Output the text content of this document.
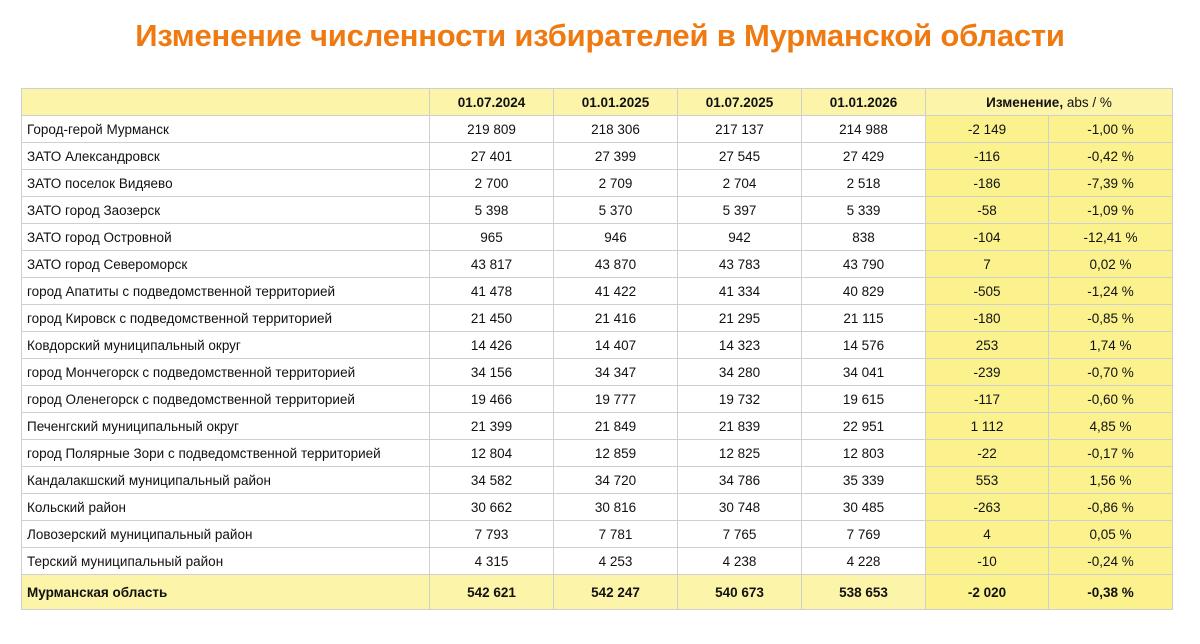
Изменение численности избирателей в Мурманской области
	01.07.2024	01.01.2025	01.07.2025	01.01.2026	Изменение, abs / %	
Город-герой Мурманск	219 809	218 306	217 137	214 988	-2 149	-1,00 %
ЗАТО Александровск	27 401	27 399	27 545	27 429	-116	-0,42 %
ЗАТО поселок Видяево	2 700	2 709	2 704	2 518	-186	-7,39 %
ЗАТО город Заозерск	5 398	5 370	5 397	5 339	-58	-1,09 %
ЗАТО город Островной	965	946	942	838	-104	-12,41 %
ЗАТО город Североморск	43 817	43 870	43 783	43 790	7	0,02 %
город Апатиты с подведомственной территорией	41 478	41 422	41 334	40 829	-505	-1,24 %
город Кировск с подведомственной территорией	21 450	21 416	21 295	21 115	-180	-0,85 %
Ковдорский муниципальный округ	14 426	14 407	14 323	14 576	253	1,74 %
город Мончегорск с подведомственной территорией	34 156	34 347	34 280	34 041	-239	-0,70 %
город Оленегорск с подведомственной территорией	19 466	19 777	19 732	19 615	-117	-0,60 %
Печенгский муниципальный округ	21 399	21 849	21 839	22 951	1 112	4,85 %
город Полярные Зори с подведомственной территорией	12 804	12 859	12 825	12 803	-22	-0,17 %
Кандалакшский муниципальный район	34 582	34 720	34 786	35 339	553	1,56 %
Кольский район	30 662	30 816	30 748	30 485	-263	-0,86 %
Ловозерский муниципальный район	7 793	7 781	7 765	7 769	4	0,05 %
Терский муниципальный район	4 315	4 253	4 238	4 228	-10	-0,24 %
Мурманская область	542 621	542 247	540 673	538 653	-2 020	-0,38 %
